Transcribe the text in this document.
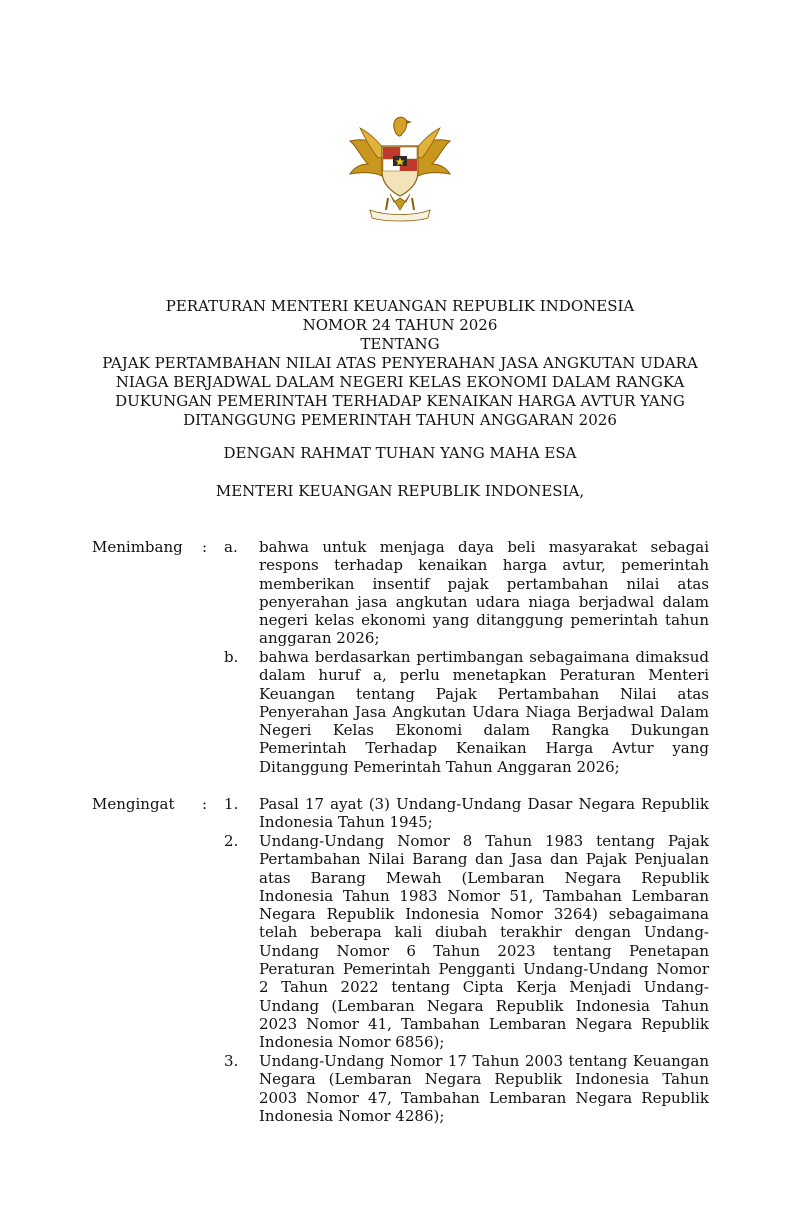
PERATURAN MENTERI KEUANGAN REPUBLIK INDONESIA
NOMOR 24 TAHUN 2026
TENTANG
PAJAK PERTAMBAHAN NILAI ATAS PENYERAHAN JASA ANGKUTAN UDARA
NIAGA BERJADWAL DALAM NEGERI KELAS EKONOMI DALAM RANGKA
DUKUNGAN PEMERINTAH TERHADAP KENAIKAN HARGA AVTUR YANG
DITANGGUNG PEMERINTAH TAHUN ANGGARAN 2026
DENGAN RAHMAT TUHAN YANG MAHA ESA
MENTERI KEUANGAN REPUBLIK INDONESIA,
Menimbang : a. bahwa untuk menjaga daya beli masyarakat sebagai respons terhadap kenaikan harga avtur, pemerintah memberikan insentif pajak pertambahan nilai atas penyerahan jasa angkutan udara niaga berjadwal dalam negeri kelas ekonomi yang ditanggung pemerintah tahun anggaran 2026;
b. bahwa berdasarkan pertimbangan sebagaimana dimaksud dalam huruf a, perlu menetapkan Peraturan Menteri Keuangan tentang Pajak Pertambahan Nilai atas Penyerahan Jasa Angkutan Udara Niaga Berjadwal Dalam Negeri Kelas Ekonomi dalam Rangka Dukungan Pemerintah Terhadap Kenaikan Harga Avtur yang Ditanggung Pemerintah Tahun Anggaran 2026;
Mengingat : 1. Pasal 17 ayat (3) Undang-Undang Dasar Negara Republik Indonesia Tahun 1945;
2. Undang-Undang Nomor 8 Tahun 1983 tentang Pajak Pertambahan Nilai Barang dan Jasa dan Pajak Penjualan atas Barang Mewah (Lembaran Negara Republik Indonesia Tahun 1983 Nomor 51, Tambahan Lembaran Negara Republik Indonesia Nomor 3264) sebagaimana telah beberapa kali diubah terakhir dengan Undang-Undang Nomor 6 Tahun 2023 tentang Penetapan Peraturan Pemerintah Pengganti Undang-Undang Nomor 2 Tahun 2022 tentang Cipta Kerja Menjadi Undang-Undang (Lembaran Negara Republik Indonesia Tahun 2023 Nomor 41, Tambahan Lembaran Negara Republik Indonesia Nomor 6856);
3. Undang-Undang Nomor 17 Tahun 2003 tentang Keuangan Negara (Lembaran Negara Republik Indonesia Tahun 2003 Nomor 47, Tambahan Lembaran Negara Republik Indonesia Nomor 4286);
